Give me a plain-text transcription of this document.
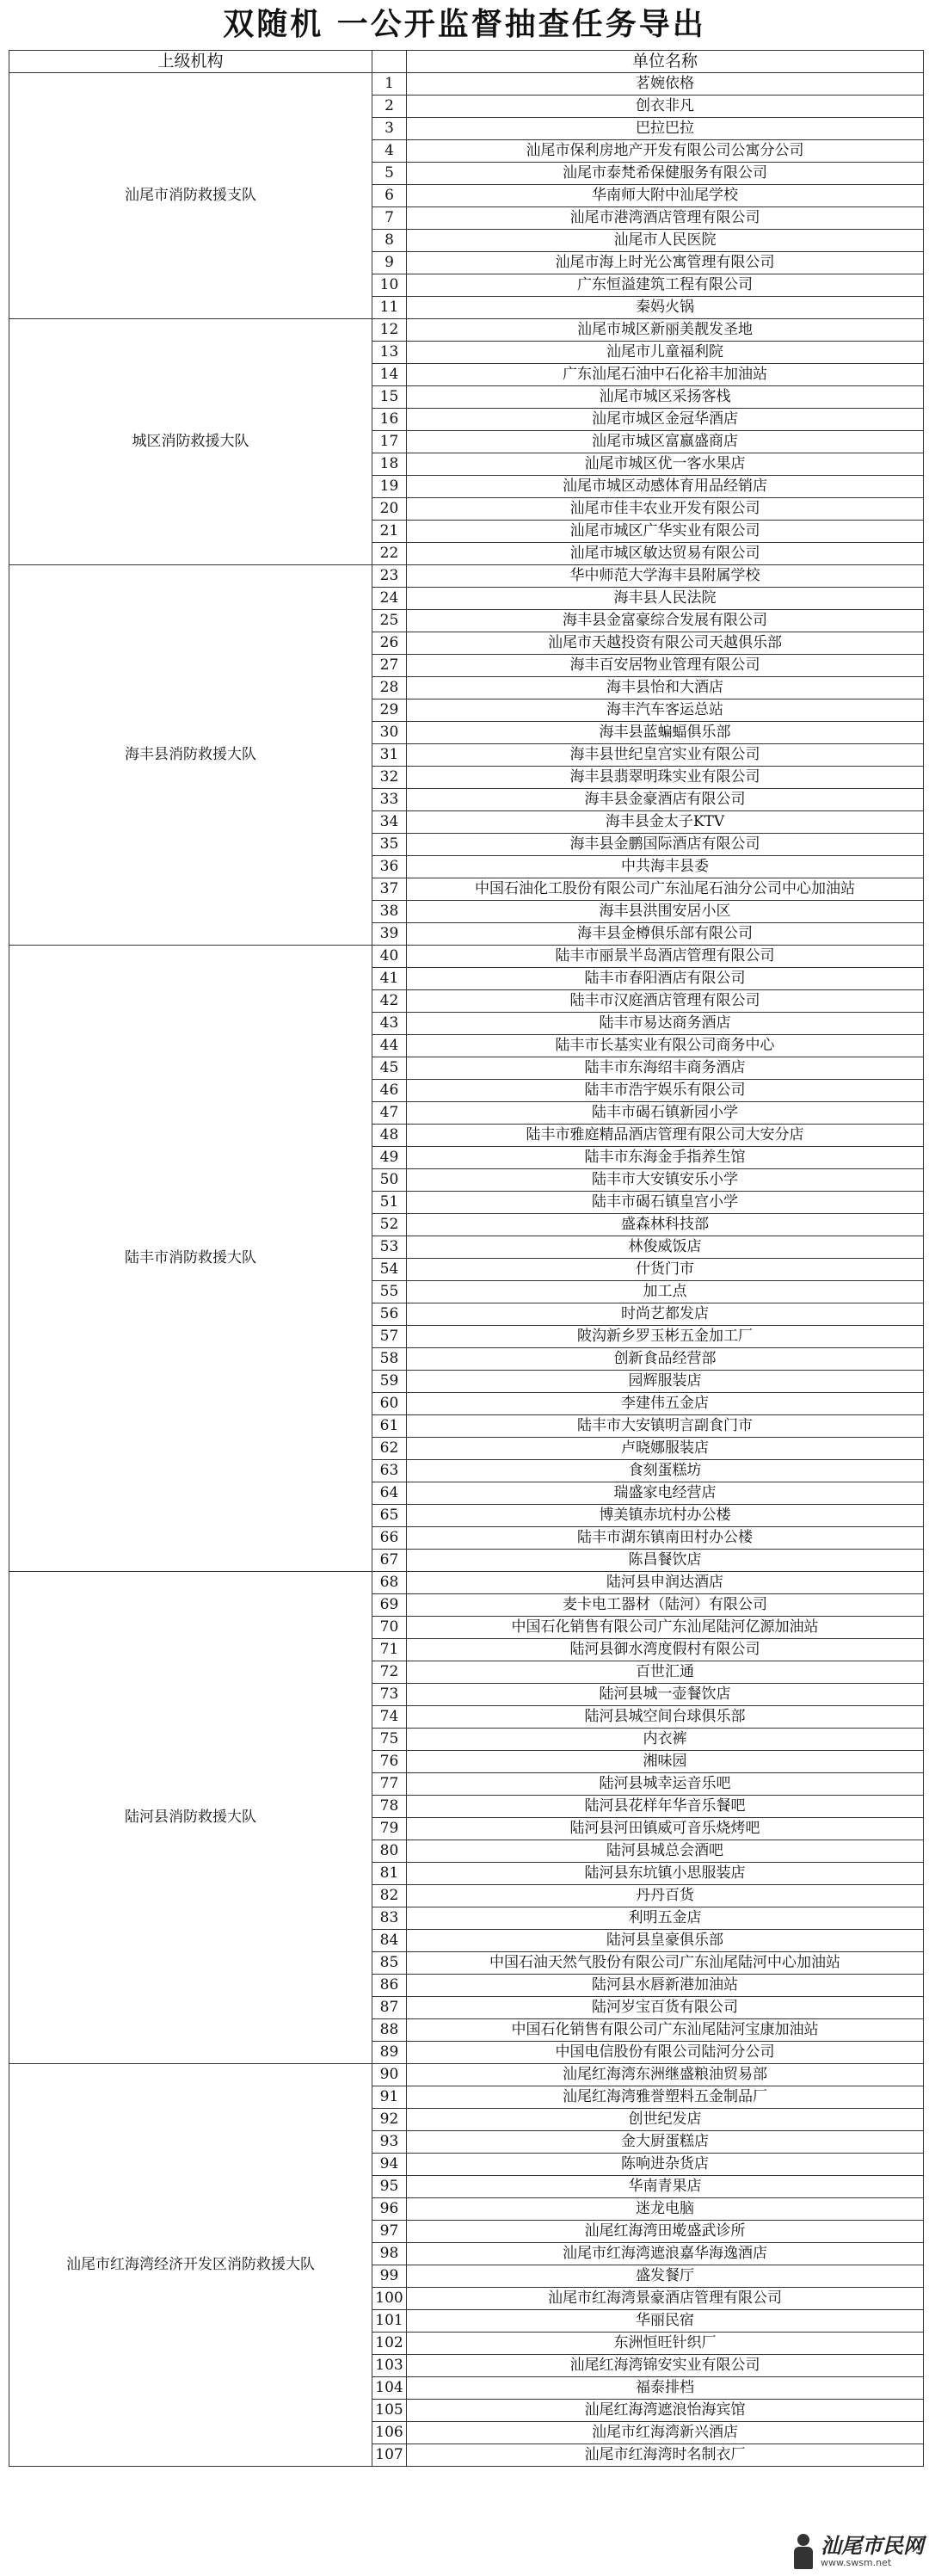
双随机 一公开监督抽查任务导出
上级机构		单位名称
汕尾市消防救援支队	1	茗婉依格
	2	创衣非凡
	3	巴拉巴拉
	4	汕尾市保利房地产开发有限公司公寓分公司
	5	汕尾市泰梵希保健服务有限公司
	6	华南师大附中汕尾学校
	7	汕尾市港湾酒店管理有限公司
	8	汕尾市人民医院
	9	汕尾市海上时光公寓管理有限公司
	10	广东恒溢建筑工程有限公司
	11	秦妈火锅
城区消防救援大队	12	汕尾市城区新丽美靓发圣地
	13	汕尾市儿童福利院
	14	广东汕尾石油中石化裕丰加油站
	15	汕尾市城区采扬客栈
	16	汕尾市城区金冠华酒店
	17	汕尾市城区富嬴盛商店
	18	汕尾市城区优一客水果店
	19	汕尾市城区动感体育用品经销店
	20	汕尾市佳丰农业开发有限公司
	21	汕尾市城区广华实业有限公司
	22	汕尾市城区敏达贸易有限公司
海丰县消防救援大队	23	华中师范大学海丰县附属学校
	24	海丰县人民法院
	25	海丰县金富豪综合发展有限公司
	26	汕尾市天越投资有限公司天越俱乐部
	27	海丰百安居物业管理有限公司
	28	海丰县怡和大酒店
	29	海丰汽车客运总站
	30	海丰县蓝蝙蝠俱乐部
	31	海丰县世纪皇宫实业有限公司
	32	海丰县翡翠明珠实业有限公司
	33	海丰县金豪酒店有限公司
	34	海丰县金太子KTV
	35	海丰县金鹏国际酒店有限公司
	36	中共海丰县委
	37	中国石油化工股份有限公司广东汕尾石油分公司中心加油站
	38	海丰县洪围安居小区
	39	海丰县金樽俱乐部有限公司
陆丰市消防救援大队	40	陆丰市丽景半岛酒店管理有限公司
	41	陆丰市春阳酒店有限公司
	42	陆丰市汉庭酒店管理有限公司
	43	陆丰市易达商务酒店
	44	陆丰市长基实业有限公司商务中心
	45	陆丰市东海绍丰商务酒店
	46	陆丰市浩宇娱乐有限公司
	47	陆丰市碣石镇新园小学
	48	陆丰市雅庭精品酒店管理有限公司大安分店
	49	陆丰市东海金手指养生馆
	50	陆丰市大安镇安乐小学
	51	陆丰市碣石镇皇宫小学
	52	盛森林科技部
	53	林俊威饭店
	54	什货门市
	55	加工点
	56	时尚艺都发店
	57	陂沟新乡罗玉彬五金加工厂
	58	创新食品经营部
	59	园辉服装店
	60	李建伟五金店
	61	陆丰市大安镇明言副食门市
	62	卢晓娜服装店
	63	食刻蛋糕坊
	64	瑞盛家电经营店
	65	博美镇赤坑村办公楼
	66	陆丰市湖东镇南田村办公楼
	67	陈昌餐饮店
陆河县消防救援大队	68	陆河县申润达酒店
	69	麦卡电工器材（陆河）有限公司
	70	中国石化销售有限公司广东汕尾陆河亿源加油站
	71	陆河县御水湾度假村有限公司
	72	百世汇通
	73	陆河县城一壶餐饮店
	74	陆河县城空间台球俱乐部
	75	内衣裤
	76	湘味园
	77	陆河县城幸运音乐吧
	78	陆河县花样年华音乐餐吧
	79	陆河县河田镇威可音乐烧烤吧
	80	陆河县城总会酒吧
	81	陆河县东坑镇小思服装店
	82	丹丹百货
	83	利明五金店
	84	陆河县皇豪俱乐部
	85	中国石油天然气股份有限公司广东汕尾陆河中心加油站
	86	陆河县水唇新港加油站
	87	陆河岁宝百货有限公司
	88	中国石化销售有限公司广东汕尾陆河宝康加油站
	89	中国电信股份有限公司陆河分公司
汕尾市红海湾经济开发区消防救援大队	90	汕尾红海湾东洲继盛粮油贸易部
	91	汕尾红海湾雅誉塑料五金制品厂
	92	创世纪发店
	93	金大厨蛋糕店
	94	陈响进杂货店
	95	华南青果店
	96	迷龙电脑
	97	汕尾红海湾田墘盛武诊所
	98	汕尾市红海湾遮浪嘉华海逸酒店
	99	盛发餐厅
	100	汕尾市红海湾景豪酒店管理有限公司
	101	华丽民宿
	102	东洲恒旺针织厂
	103	汕尾红海湾锦安实业有限公司
	104	福泰排档
	105	汕尾红海湾遮浪怡海宾馆
	106	汕尾市红海湾新兴酒店
	107	汕尾市红海湾时名制衣厂
汕尾市民网
www.swsm.net
